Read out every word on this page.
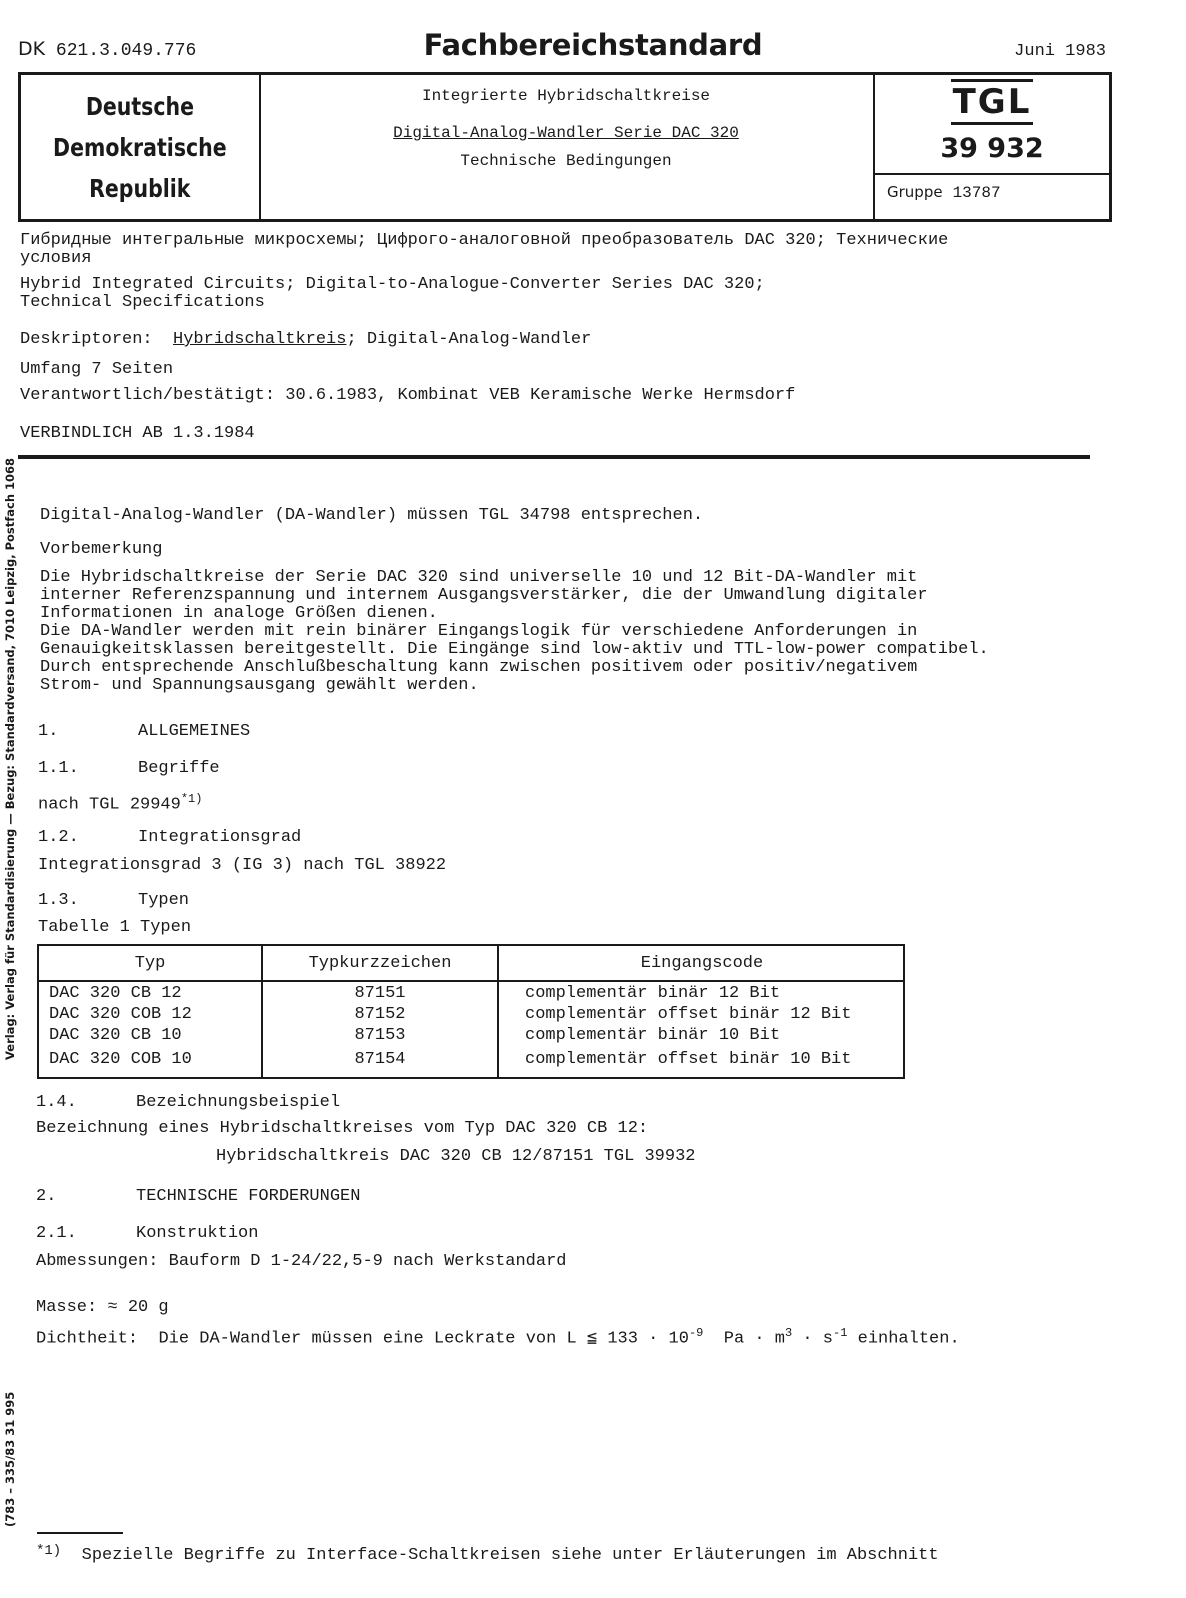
DK 621.3.049.776	Fachbereichstandard	Juni 1983
Deutsche
Demokratische
Republik
Integrierte Hybridschaltkreise
Digital-Analog-Wandler Serie DAC 320
Technische Bedingungen
TGL
39 932
Gruppe 13787
Гибридные интегральные микросхемы; Цифрого-аналоговной преобразователь DAC 320; Технические
условия
Hybrid Integrated Circuits; Digital-to-Analogue-Converter Series DAC 320;
Technical Specifications
Deskriptoren: Hybridschaltkreis; Digital-Analog-Wandler
Umfang 7 Seiten
Verantwortlich/bestätigt: 30.6.1983, Kombinat VEB Keramische Werke Hermsdorf
VERBINDLICH AB 1.3.1984
Verlag: Verlag für Standardisierung — Bezug: Standardversand, 7010 Leipzig, Postfach 1068
(783 – 335/83 31 995
Digital-Analog-Wandler (DA-Wandler) müssen TGL 34798 entsprechen.
Vorbemerkung
Die Hybridschaltkreise der Serie DAC 320 sind universelle 10 und 12 Bit-DA-Wandler mit
interner Referenzspannung und internem Ausgangsverstärker, die der Umwandlung digitaler
Informationen in analoge Größen dienen.
Die DA-Wandler werden mit rein binärer Eingangslogik für verschiedene Anforderungen in
Genauigkeitsklassen bereitgestellt. Die Eingänge sind low-aktiv und TTL-low-power compatibel.
Durch entsprechende Anschlußbeschaltung kann zwischen positivem oder positiv/negativem
Strom- und Spannungsausgang gewählt werden.
1.	ALLGEMEINES
1.1.	Begriffe
nach TGL 29949$^{*1)}$
1.2.	Integrationsgrad
Integrationsgrad 3 (IG 3) nach TGL 38922
1.3.	Typen
Tabelle 1 Typen
Typ	Typkurzzeichen	Eingangscode
DAC 320 CB 12	87151	complementär binär 12 Bit
DAC 320 COB 12	87152	complementär offset binär 12 Bit
DAC 320 CB 10	87153	complementär binär 10 Bit
DAC 320 COB 10	87154	complementär offset binär 10 Bit
1.4.	Bezeichnungsbeispiel
Bezeichnung eines Hybridschaltkreises vom Typ DAC 320 CB 12:
Hybridschaltkreis DAC 320 CB 12/87151 TGL 39932
2.	TECHNISCHE FORDERUNGEN
2.1.	Konstruktion
Abmessungen: Bauform D 1-24/22,5-9 nach Werkstandard
Masse: ≈ 20 g
Dichtheit: Die DA-Wandler müssen eine Leckrate von L ≦ $133 \cdot 10^{-9}$ $Pa \cdot m^3 \cdot s^{-1}$ einhalten.
$^{*1)}$ Spezielle Begriffe zu Interface-Schaltkreisen siehe unter Erläuterungen im Abschnitt
